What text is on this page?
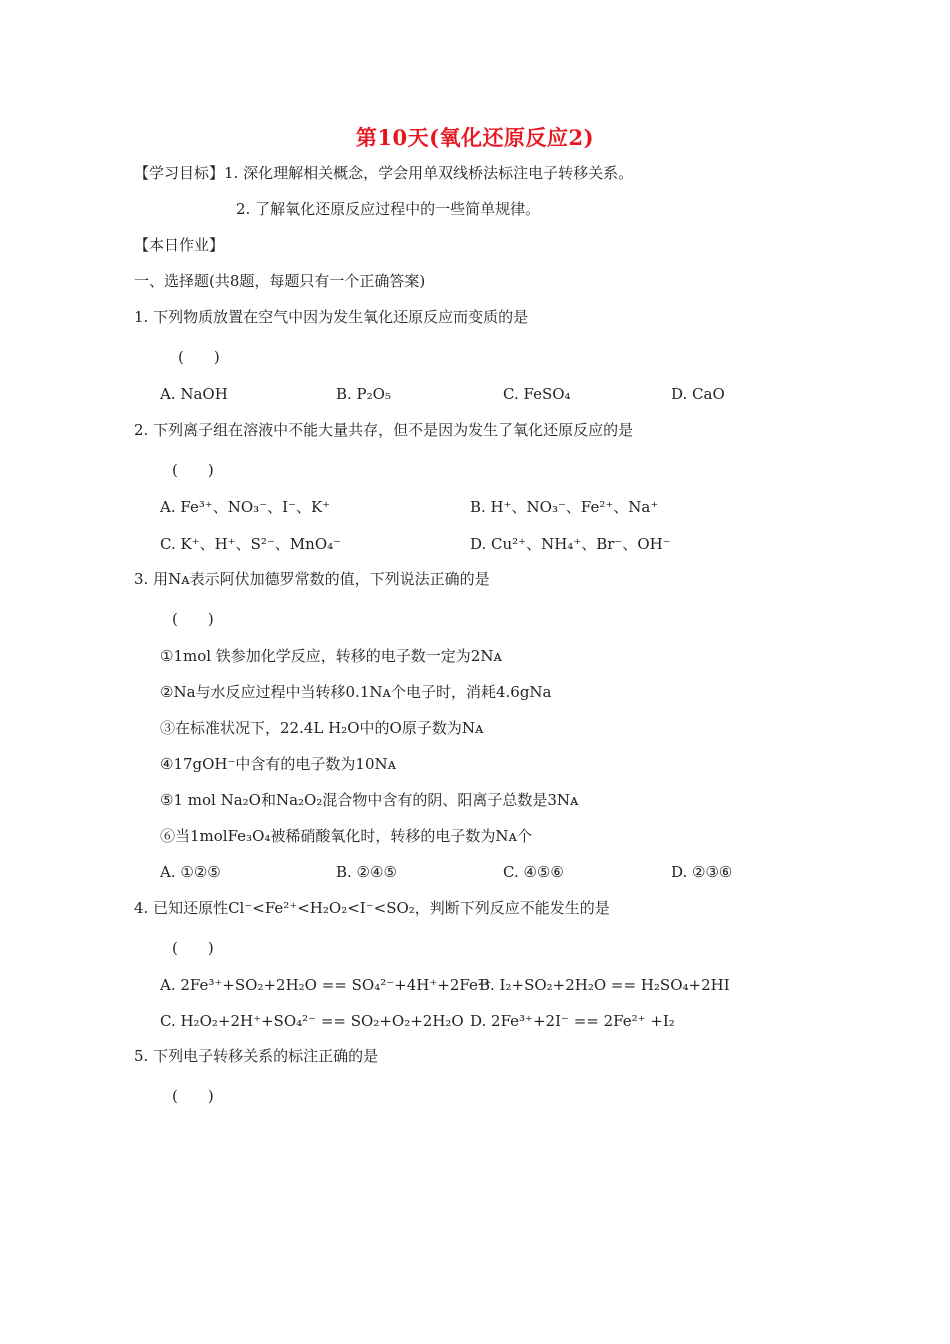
第10天(氧化还原反应2)
【学习目标】1. 深化理解相关概念，学会用单双线桥法标注电子转移关系。
2. 了解氧化还原反应过程中的一些简单规律。
【本日作业】
一、选择题(共8题，每题只有一个正确答案)
1. 下列物质放置在空气中因为发生氧化还原反应而变质的是
(　　)
A. NaOH	B. P₂O₅	C. FeSO₄	D. CaO
2. 下列离子组在溶液中不能大量共存，但不是因为发生了氧化还原反应的是
(　　)
A. Fe³⁺、NO₃⁻、I⁻、K⁺	B. H⁺、NO₃⁻、Fe²⁺、Na⁺
C. K⁺、H⁺、S²⁻、MnO₄⁻	D. Cu²⁺、NH₄⁺、Br⁻、OH⁻
3. 用Nᴀ表示阿伏加德罗常数的值，下列说法正确的是
(　　)
①1mol 铁参加化学反应，转移的电子数一定为2Nᴀ
②Na与水反应过程中当转移0.1Nᴀ个电子时，消耗4.6gNa
③在标准状况下，22.4L H₂O中的O原子数为Nᴀ
④17gOH⁻中含有的电子数为10Nᴀ
⑤1 mol Na₂O和Na₂O₂混合物中含有的阴、阳离子总数是3Nᴀ
⑥当1molFe₃O₄被稀硝酸氧化时，转移的电子数为Nᴀ个
A. ①②⑤	B. ②④⑤	C. ④⑤⑥	D. ②③⑥
4. 已知还原性Cl⁻<Fe²⁺<H₂O₂<I⁻<SO₂，判断下列反应不能发生的是
(　　)
A. 2Fe³⁺+SO₂+2H₂O == SO₄²⁻+4H⁺+2Fe²⁺
B. I₂+SO₂+2H₂O == H₂SO₄+2HI
C. H₂O₂+2H⁺+SO₄²⁻ == SO₂+O₂+2H₂O D. 2Fe³⁺+2I⁻ == 2Fe²⁺ +I₂
5. 下列电子转移关系的标注正确的是
(　　)
